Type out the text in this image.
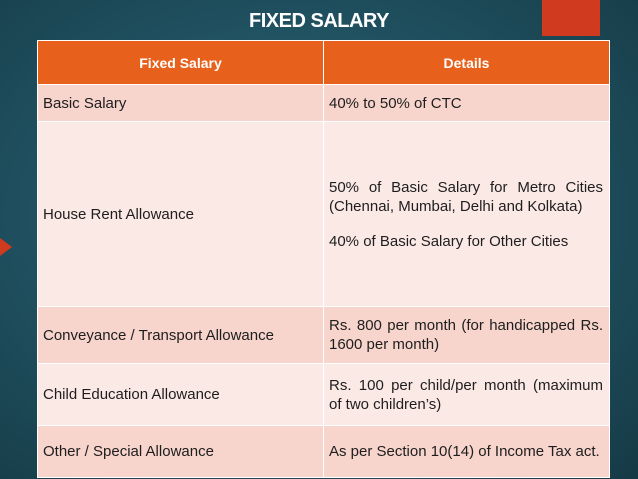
FIXED SALARY
Fixed Salary	Details
Basic Salary	40% to 50% of CTC

House Rent Allowance	50% of Basic Salary for Metro Cities (Chennai, Mumbai, Delhi and Kolkata)
40% of Basic Salary for Other Cities

Conveyance / Transport Allowance	Rs. 800 per month (for handicapped Rs. 1600 per month)

Child Education Allowance	Rs. 100 per child/per month (maximum of two children’s)

Other / Special Allowance	As per Section 10(14) of Income Tax act.
